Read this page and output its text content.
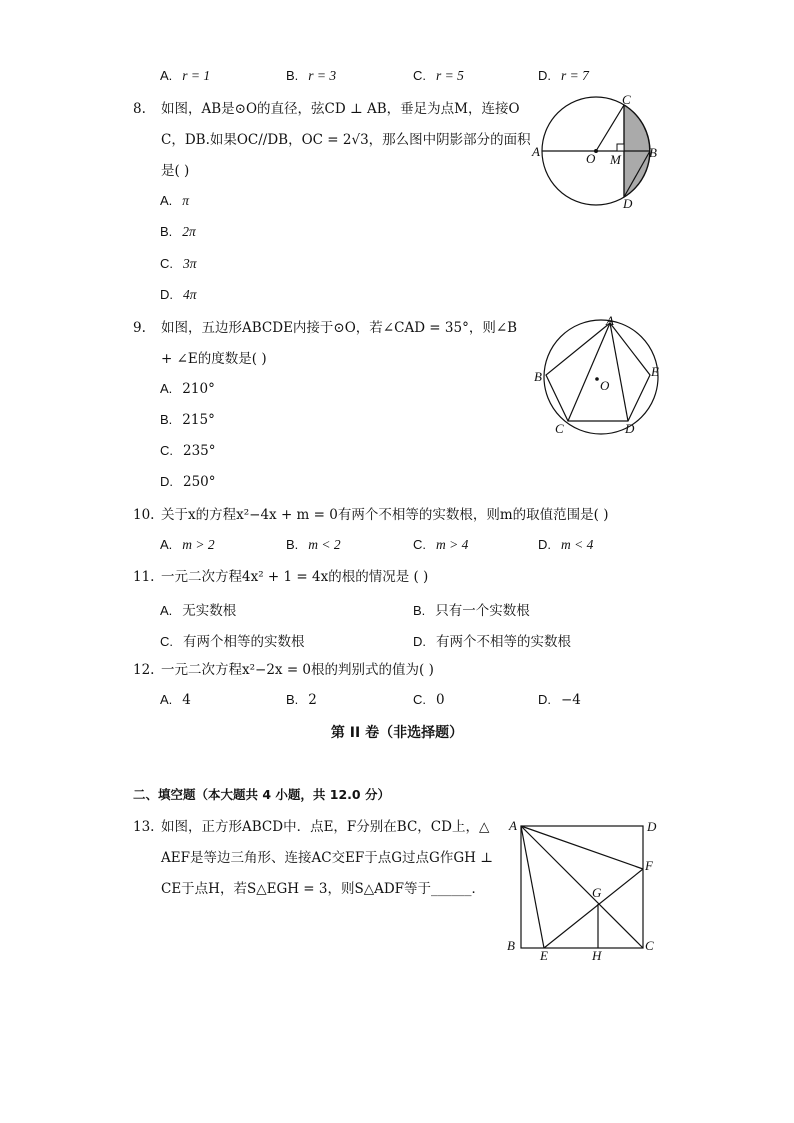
A. r = 1	B. r = 3	C. r = 5	D. r = 7
8. 如图，AB是⊙O的直径，弦CD ⊥ AB，垂足为点M，连接O
C，DB.如果OC//DB，OC = 2√3，那么图中阴影部分的面积
是( )
A. π
B. 2π
C. 3π
D. 4π
A	O M B
C
D
9. 如图，五边形ABCDE内接于⊙O，若∠CAD = 35°，则∠B
+ ∠E的度数是( )
A. 210°
B. 215°
C. 235°
D. 250°
A
B
C	D
E
O
10. 关于x的方程x²−4x + m = 0有两个不相等的实数根，则m的取值范围是( )
A. m > 2	B. m < 2	C. m > 4	D. m < 4
11. 一元二次方程4x² + 1 = 4x的根的情况是 ( )
A. 无实数根	B. 只有一个实数根
C. 有两个相等的实数根	D. 有两个不相等的实数根
12. 一元二次方程x²−2x = 0根的判别式的值为( )
A. 4	B. 2	C. 0	D. −4
第 II 卷（非选择题）
二、填空题（本大题共 4 小题，共 12.0 分）
13. 如图，正方形ABCD中．点E，F分别在BC，CD上，△
AEF是等边三角形、连接AC交EF于点G过点G作GH ⊥
CE于点H，若S△EGH = 3，则S△ADF等于______．
A	D
F
G
B
E	H
C
